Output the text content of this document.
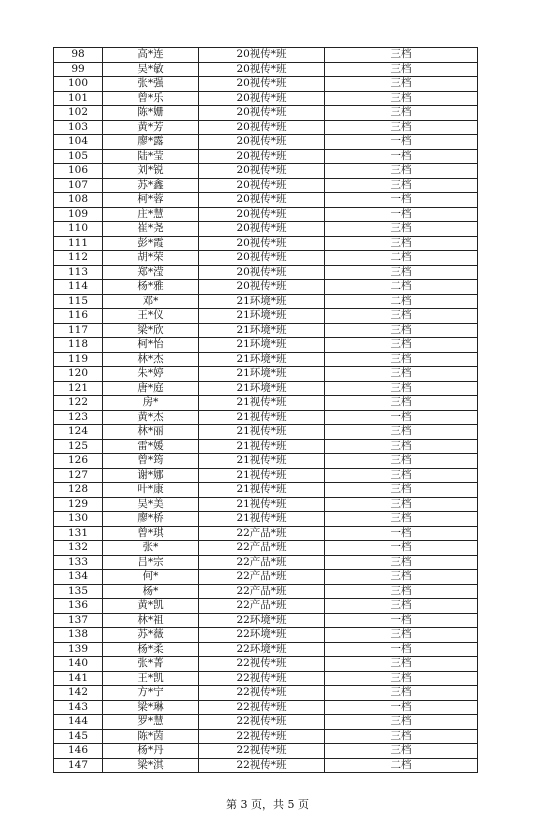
98	高*连	20视传*班	三档
99	吴*敏	20视传*班	三档
100	张*强	20视传*班	三档
101	曾*乐	20视传*班	三档
102	陈*姗	20视传*班	三档
103	黄*芳	20视传*班	三档
104	廖*露	20视传*班	一档
105	陆*莹	20视传*班	一档
106	刘*锐	20视传*班	三档
107	苏*鑫	20视传*班	三档
108	柯*蓉	20视传*班	一档
109	庄*慧	20视传*班	一档
110	崔*尧	20视传*班	三档
111	彭*霞	20视传*班	三档
112	胡*荣	20视传*班	二档
113	郑*滢	20视传*班	三档
114	杨*雅	20视传*班	二档
115	邓*	21环境*班	二档
116	王*仪	21环境*班	三档
117	梁*欣	21环境*班	三档
118	柯*怡	21环境*班	三档
119	林*杰	21环境*班	三档
120	朱*婷	21环境*班	三档
121	唐*庭	21环境*班	三档
122	房*	21视传*班	三档
123	黄*杰	21视传*班	一档
124	林*丽	21视传*班	三档
125	雷*媛	21视传*班	三档
126	曾*筠	21视传*班	三档
127	谢*娜	21视传*班	三档
128	叶*康	21视传*班	三档
129	吴*美	21视传*班	三档
130	廖*桥	21视传*班	三档
131	曾*琪	22产品*班	一档
132	张*	22产品*班	一档
133	吕*宗	22产品*班	三档
134	何*	22产品*班	三档
135	杨*	22产品*班	三档
136	黄*凯	22产品*班	三档
137	林*祖	22环境*班	一档
138	苏*薇	22环境*班	三档
139	杨*柔	22环境*班	一档
140	张*菁	22视传*班	三档
141	王*凯	22视传*班	三档
142	方*宁	22视传*班	三档
143	梁*琳	22视传*班	一档
144	罗*慧	22视传*班	三档
145	陈*茵	22视传*班	三档
146	杨*丹	22视传*班	三档
147	梁*淇	22视传*班	二档
第 3 页，共 5 页
